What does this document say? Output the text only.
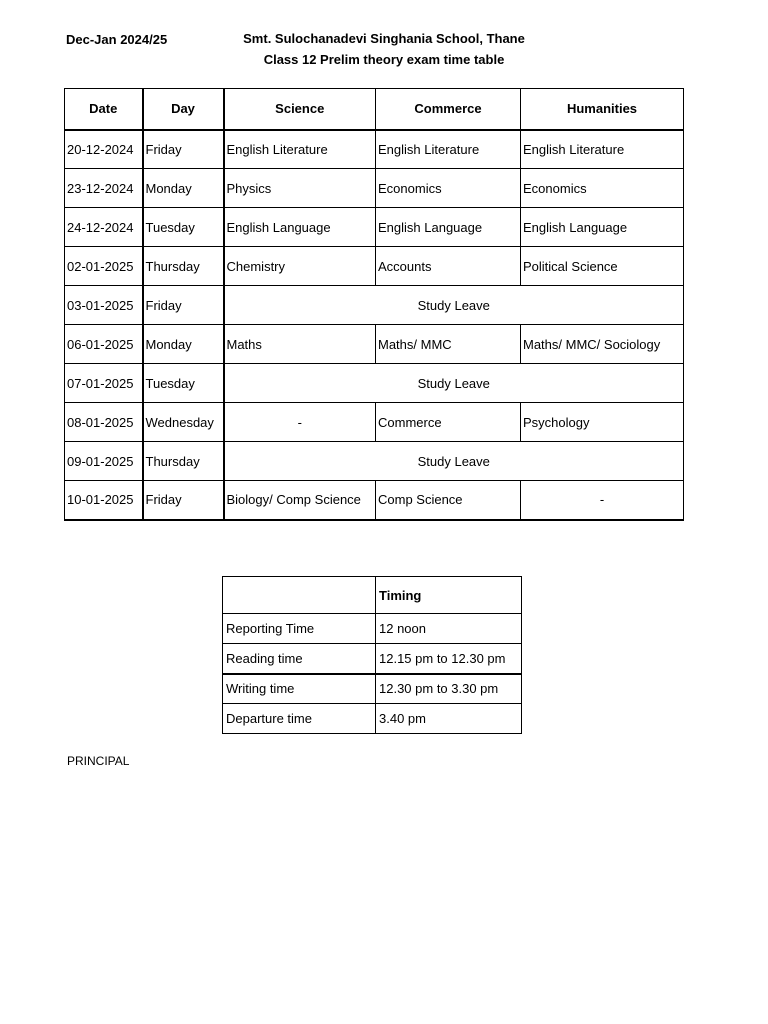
Dec-Jan 2024/25	Smt. Sulochanadevi Singhania School, Thane
Class 12 Prelim theory exam time table
Date	Day	Science	Commerce	Humanities
20-12-2024	Friday	English Literature	English Literature	English Literature
23-12-2024	Monday	Physics	Economics	Economics
24-12-2024	Tuesday	English Language	English Language	English Language
02-01-2025	Thursday	Chemistry	Accounts	Political Science
03-01-2025	Friday	Study Leave		
06-01-2025	Monday	Maths	Maths/ MMC	Maths/ MMC/ Sociology
07-01-2025	Tuesday	Study Leave		
08-01-2025	Wednesday	-	Commerce	Psychology
09-01-2025	Thursday	Study Leave		
10-01-2025	Friday	Biology/ Comp Science	Comp Science	-
	Timing
Reporting Time	12 noon
Reading time	12.15 pm to 12.30 pm
Writing time	12.30 pm to 3.30 pm
Departure time	3.40 pm
PRINCIPAL
